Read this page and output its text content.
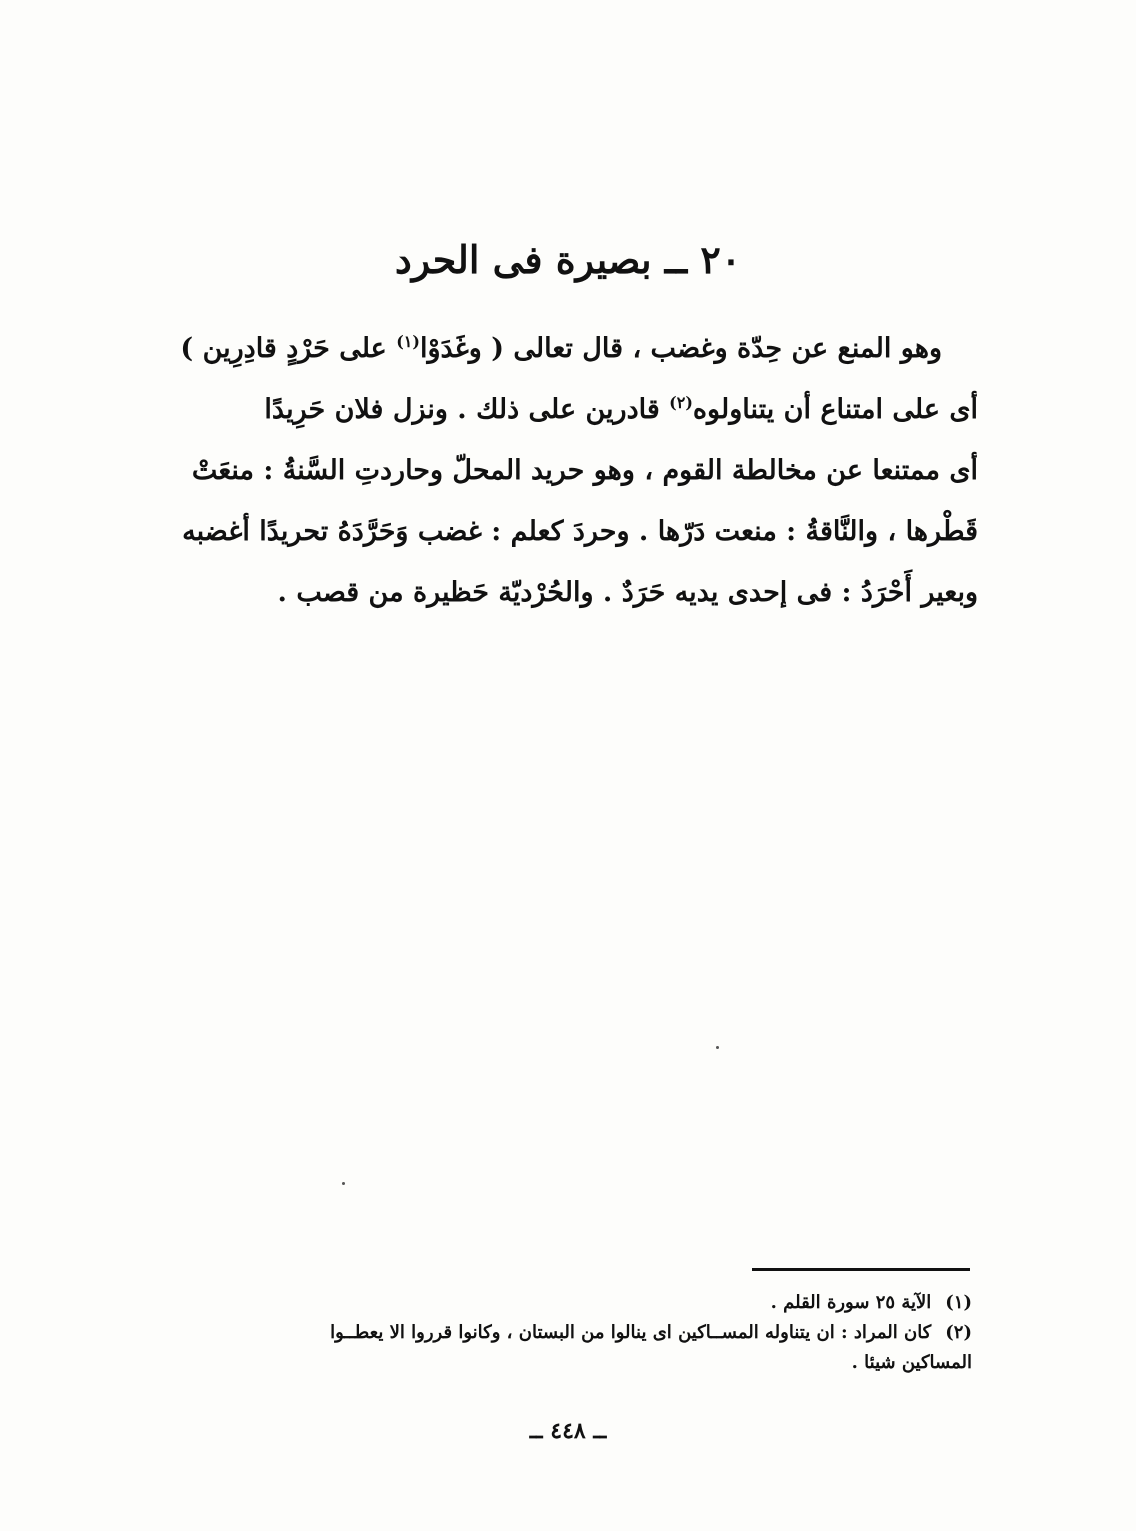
٢٠ ــ بصيرة فى الحرد
وهو المنع عن حِدّة وغضب ، قال تعالى ( وغَدَوْا$^{(١)}$ على حَرْدٍ قادِرِين )
أى على امتناع أن يتناولوه$^{(٢)}$ قادرين على ذلك . ونزل فلان حَرِيدًا
أى ممتنعا عن مخالطة القوم ، وهو حريد المحلّ وحاردتِ السَّنةُ : منعَتْ
قَطْرها ، والنَّاقةُ : منعت دَرّها . وحردَ كعلم : غضب وَحَرَّدَهُ تحريدًا أغضبه
وبعير أَحْرَدُ : فى إحدى يديه حَرَدٌ . والحُرْديّة حَظيرة من قصب .
(١)الآية ٢٥ سورة القلم .
(٢)كان المراد : ان يتناوله المســاكين اى ينالوا من البستان ، وكانوا قرروا الا يعطــوا
المساكين شيئا .
ــ ٤٤٨ ــ
